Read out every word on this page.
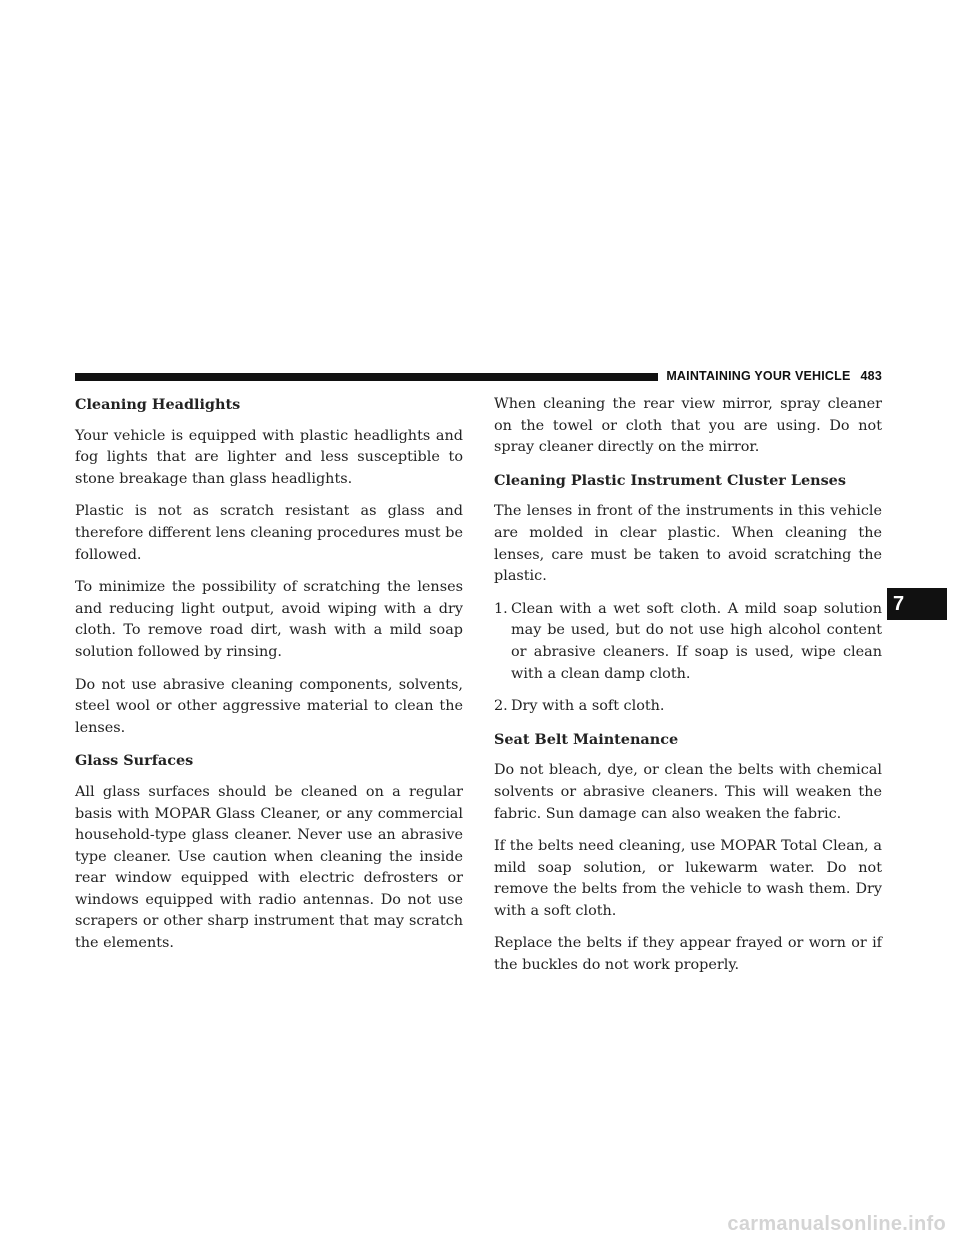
MAINTAINING YOUR VEHICLE 483
Cleaning Headlights

Your vehicle is equipped with plastic headlights and fog lights that are lighter and less susceptible to stone breakage than glass headlights.

Plastic is not as scratch resistant as glass and therefore different lens cleaning procedures must be followed.

To minimize the possibility of scratching the lenses and reducing light output, avoid wiping with a dry cloth. To remove road dirt, wash with a mild soap solution followed by rinsing.

Do not use abrasive cleaning components, solvents, steel wool or other aggressive material to clean the lenses.

Glass Surfaces

All glass surfaces should be cleaned on a regular basis with MOPAR Glass Cleaner, or any commercial household-type glass cleaner. Never use an abrasive type cleaner. Use caution when cleaning the inside rear window equipped with electric defrosters or windows equipped with radio antennas. Do not use scrapers or other sharp instrument that may scratch the elements.

When cleaning the rear view mirror, spray cleaner on the towel or cloth that you are using. Do not spray cleaner directly on the mirror.

Cleaning Plastic Instrument Cluster Lenses

The lenses in front of the instruments in this vehicle are molded in clear plastic. When cleaning the lenses, care must be taken to avoid scratching the plastic.

1. Clean with a wet soft cloth. A mild soap solution may be used, but do not use high alcohol content or abrasive cleaners. If soap is used, wipe clean with a clean damp cloth.
2. Dry with a soft cloth.
Seat Belt Maintenance

Do not bleach, dye, or clean the belts with chemical solvents or abrasive cleaners. This will weaken the fabric. Sun damage can also weaken the fabric.

If the belts need cleaning, use MOPAR Total Clean, a mild soap solution, or lukewarm water. Do not remove the belts from the vehicle to wash them. Dry with a soft cloth.

Replace the belts if they appear frayed or worn or if the buckles do not work properly.

7
carmanualsonline.info
